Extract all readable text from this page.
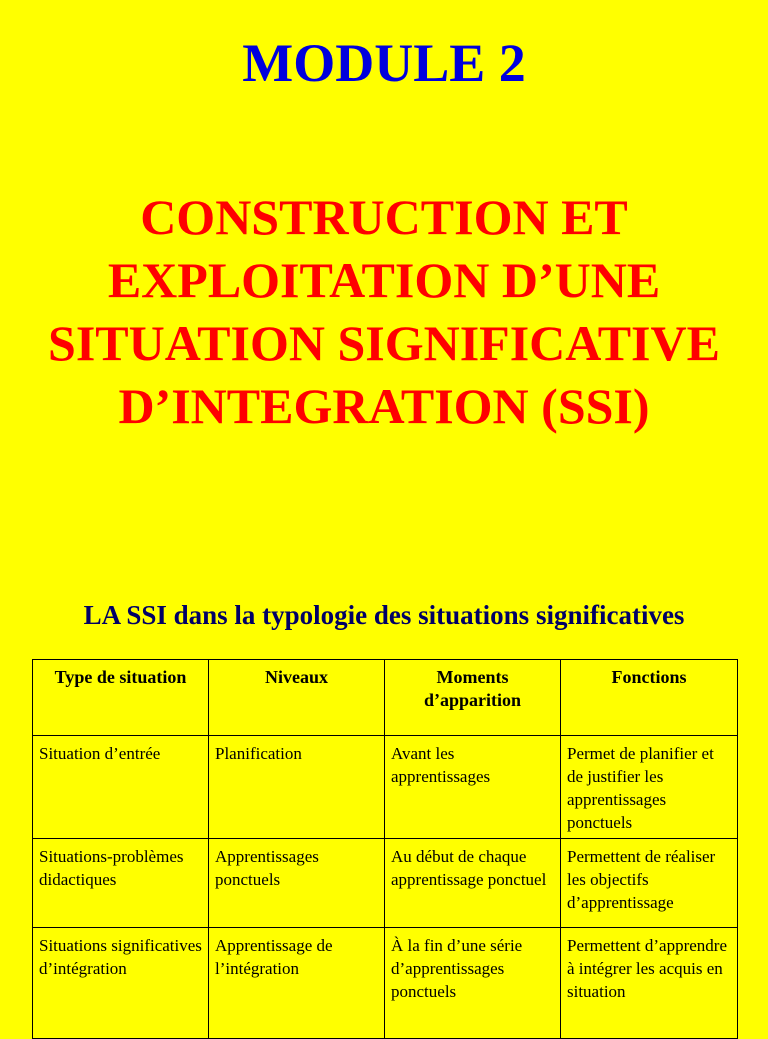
MODULE 2
CONSTRUCTION ET
EXPLOITATION D’UNE
SITUATION SIGNIFICATIVE
D’INTEGRATION (SSI)
LA SSI dans la typologie des situations significatives
Type de situation	Niveaux	Moments d’apparition	Fonctions
Situation d’entrée	Planification	Avant les apprentissages	Permet de planifier et de justifier les apprentissages ponctuels
Situations-problèmes didactiques	Apprentissages ponctuels	Au début de chaque apprentissage ponctuel	Permettent de réaliser les objectifs d’apprentissage
Situations significatives d’intégration	Apprentissage de l’intégration	À la fin d’une série d’apprentissages ponctuels	Permettent d’apprendre à intégrer les acquis en situation
